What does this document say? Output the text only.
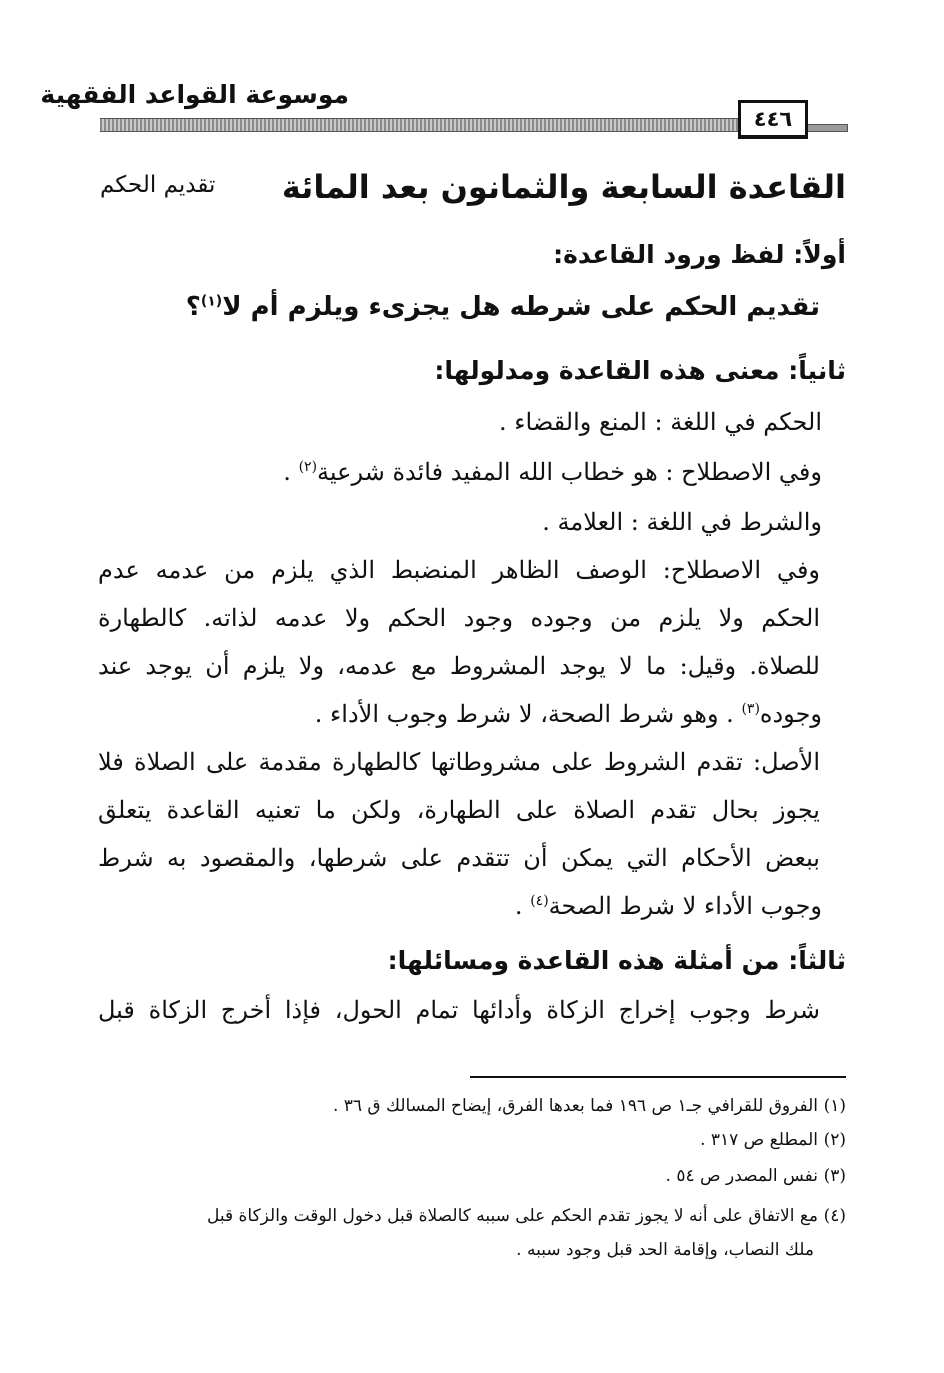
موسوعة القواعد الفقهية
٤٤٦
القاعدة السابعة والثمانون بعد المائة
تقديم الحكم
أولاً: لفظ ورود القاعدة:
تقديم الحكم على شرطه هل يجزىء ويلزم أم لا$^{(١)}$؟
ثانياً: معنى هذه القاعدة ومدلولها:
الحكم في اللغة : المنع والقضاء .
وفي الاصطلاح : هو خطاب الله المفيد فائدة شرعية$^{(٢)}$ .
والشرط في اللغة : العلامة .
وفي الاصطلاح: الوصف الظاهر المنضبط الذي يلزم من عدمه عدم
الحكم ولا يلزم من وجوده وجود الحكم ولا عدمه لذاته. كالطهارة
للصلاة. وقيل: ما لا يوجد المشروط مع عدمه، ولا يلزم أن يوجد عند
وجوده$^{(٣)}$ . وهو شرط الصحة، لا شرط وجوب الأداء .
الأصل: تقدم الشروط على مشروطاتها كالطهارة مقدمة على الصلاة فلا
يجوز بحال تقدم الصلاة على الطهارة، ولكن ما تعنيه القاعدة يتعلق
ببعض الأحكام التي يمكن أن تتقدم على شرطها، والمقصود به شرط
وجوب الأداء لا شرط الصحة$^{(٤)}$ .
ثالثاً: من أمثلة هذه القاعدة ومسائلها:
شرط وجوب إخراج الزكاة وأدائها تمام الحول، فإذا أخرج الزكاة قبل
(١)الفروق للقرافي جـ١ ص ١٩٦ فما بعدها الفرق، إيضاح المسالك ق ٣٦ .
(٢)المطلع ص ٣١٧ .
(٣)نفس المصدر ص ٥٤ .
(٤)مع الاتفاق على أنه لا يجوز تقدم الحكم على سببه كالصلاة قبل دخول الوقت والزكاة قبل
ملك النصاب، وإقامة الحد قبل وجود سببه .
